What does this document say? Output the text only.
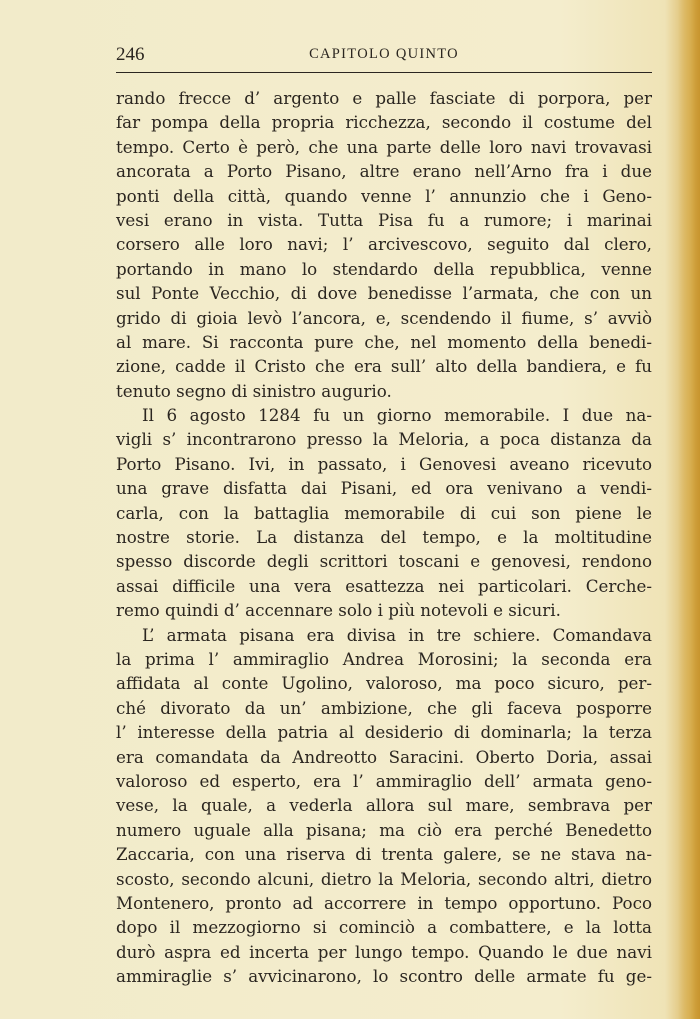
246	CAPITOLO QUINTO
rando frecce d’ argento e palle fasciate di porpora, per
far pompa della propria ricchezza, secondo il costume del
tempo. Certo è però, che una parte delle loro navi trovavasi
ancorata a Porto Pisano, altre erano nell’Arno fra i due
ponti della città, quando venne l’ annunzio che i Geno-
vesi erano in vista. Tutta Pisa fu a rumore; i marinai
corsero alle loro navi; l’ arcivescovo, seguito dal clero,
portando in mano lo stendardo della repubblica, venne
sul Ponte Vecchio, di dove benedisse l’armata, che con un
grido di gioia levò l’ancora, e, scendendo il fiume, s’ avviò
al mare. Si racconta pure che, nel momento della benedi-
zione, cadde il Cristo che era sull’ alto della bandiera, e fu
tenuto segno di sinistro augurio.
Il 6 agosto 1284 fu un giorno memorabile. I due na-
vigli s’ incontrarono presso la Meloria, a poca distanza da
Porto Pisano. Ivi, in passato, i Genovesi aveano ricevuto
una grave disfatta dai Pisani, ed ora venivano a vendi-
carla, con la battaglia memorabile di cui son piene le
nostre storie. La distanza del tempo, e la moltitudine
spesso discorde degli scrittori toscani e genovesi, rendono
assai difficile una vera esattezza nei particolari. Cerche-
remo quindi d’ accennare solo i più notevoli e sicuri.
L’ armata pisana era divisa in tre schiere. Comandava
la prima l’ ammiraglio Andrea Morosini; la seconda era
affidata al conte Ugolino, valoroso, ma poco sicuro, per-
ché divorato da un’ ambizione, che gli faceva posporre
l’ interesse della patria al desiderio di dominarla; la terza
era comandata da Andreotto Saracini. Oberto Doria, assai
valoroso ed esperto, era l’ ammiraglio dell’ armata geno-
vese, la quale, a vederla allora sul mare, sembrava per
numero uguale alla pisana; ma ciò era perché Benedetto
Zaccaria, con una riserva di trenta galere, se ne stava na-
scosto, secondo alcuni, dietro la Meloria, secondo altri, dietro
Montenero, pronto ad accorrere in tempo opportuno. Poco
dopo il mezzogiorno si cominciò a combattere, e la lotta
durò aspra ed incerta per lungo tempo. Quando le due navi
ammiraglie s’ avvicinarono, lo scontro delle armate fu ge-
